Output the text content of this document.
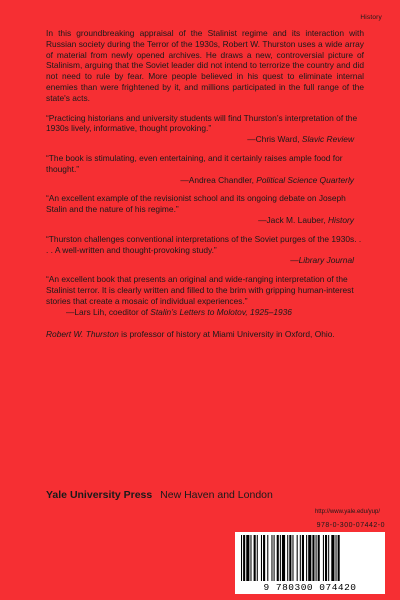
History

In this groundbreaking appraisal of the Stalinist regime and its interaction with Russian society during the Terror of the 1930s, Robert W. Thurston uses a wide array of material from newly opened archives. He draws a new, controversial picture of Stalinism, arguing that the Soviet leader did not intend to terrorize the country and did not need to rule by fear. More people believed in his quest to eliminate internal enemies than were frightened by it, and millions participated in the full range of the state's acts.

“Practicing historians and university students will find Thurston’s interpretation of the 1930s lively, informative, thought provoking.”
—Chris Ward, Slavic Review
“The book is stimulating, even entertaining, and it certainly raises ample food for thought.”
—Andrea Chandler, Political Science Quarterly
“An excellent example of the revisionist school and its ongoing debate on Joseph Stalin and the nature of his regime.”
—Jack M. Lauber, History
“Thurston challenges conventional interpretations of the Soviet purges of the 1930s. . . . A well-written and thought-provoking study.”
—Library Journal
“An excellent book that presents an original and wide-ranging interpretation of the Stalinist terror. It is clearly written and filled to the brim with gripping human-interest stories that create a mosaic of individual experiences.”
—Lars Lih, coeditor of Stalin’s Letters to Molotov, 1925–1936

Robert W. Thurston is professor of history at Miami University in Oxford, Ohio.

Yale University Press New Haven and London
http://www.yale.edu/yup/
978-0-300-07442-0
9 780300 074420
